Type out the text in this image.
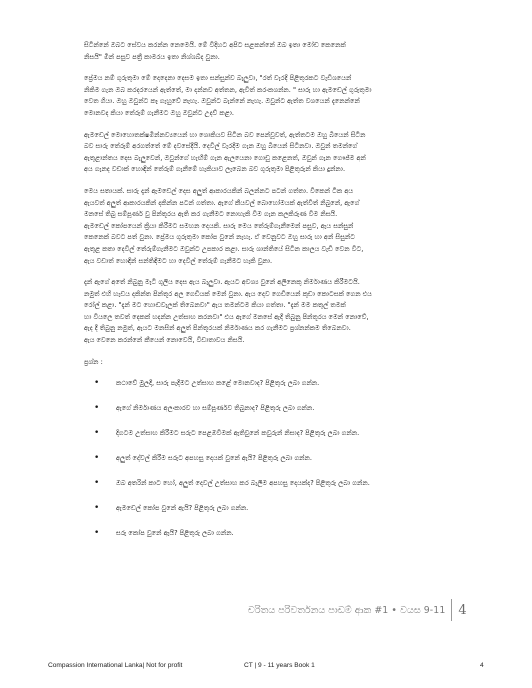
සිටින්නේ ඔබට සේවය කරන්න නෙමෙයි. මේ විදිහට අපිට සළකන්නේ ඔබ ඉතා මෝඩ කෙනෙක්
නිසයි" මින් පසුව පත්‍රී කාමරය ඉතා නිශ්ශබ්ද වුනා.
ප්‍රේමය නම් ගුරුතුමා මේ දෙදෙනා දෙසම ඉතා සන්සුන්ව බැලුවා, "රත් වැරදි පිළිතුරකට වැඩිශයෙන්
නිකිම ගැන ඔබ කරදරයෙන් ඇත්තේ, මා දන්නව අත්තන, ඇවිත් කරංකශන්න. " සාරු හා ඇමඩෙල් ගුරුතුමා
වෙත ගියා. ඔහු ඔවුන්ට කෑ ගැහුවේ නැහැ. ඔවුන්ට බැන්නේ නැහැ. ඔවුන්ට ඇත්ත වශයෙන් දැනෙන්නේ
මොනවද කියා තේරුම් ගැනීමට ඔහු ඔවුන්ට උදව් කළා.
ඇමඩෙල් මොහොතක්ෂමින්නව්‍යයෙන් හා ශොකියව සිටින බව පෙන්වූවත්, ඇත්තටම ඔහු බියෙන් සිටින
බව සාරු තේරුම් අරගත්තේ මේ දවසේදීයි. දෙවිල් වැරදීම ගැන ඔහු බියෙන් සිටිනවා. ඔවුන් තමන්ගේ
ඇතුළාන්තය දෙස බැලුවෙන්, ඔවුන්ගේ හැඟීම් ගැන ඇලයෙනා ගොඩු කළෙනත්, ඔවුන් ගැන ගෞජ්ම අන්
අය ගැනද වඩාක් හොඳින් තේරුම් ගැනීමේ හැකියාව ලැබෙන බව ගුරුතුමා පිළිතුරුන් කියා දුන්නා.
මෙය සතායක්. සාරු දැන් ඇමඩෙල් දෙස අලුත් ආකාරයකින් බලන්නට පටන් ගත්තා. විකෙන් ටික අය
ඇයවත් අලුත් ආකාරයකින් දකින්න පටන් ගත්තා. ඇගේ කීයවල් බොහෝමයක් ඇත්විත් නිබුනේ, ඇගේ
මනසේ තිබු සම්පූර්ණ වු පින්තූරය ඇති කර ගැනීමට නොහැකි වීම ගැන කලකිරුණ විම නිසයි.
ඇමඩෙල් කෝපයෙන් ක්‍රියා කිරීමට සමහන දෙයකි. සාරු මෙය තේරුම්ගැනීමෙන් පසුව, ඇය සන්සුන්
කෙනෙක් බවට පත් වුනා. ප්‍රේමය ගුරුතුමා කෝප වුනේ නැහැ. ඒ වෙනුවට ඔහු සාරු හා අන් සිසුන්ට
ඇතුළ කතා දෙවිල් තේරුම්ගැනීමට ඔවුන්ට උපකාර කළා. සාරු ශාන්තියේ සිටින කාලය වැඩි වෙන විට,
ඇය වඩාත් හොඳින් සන්තිඳීමට හා දෙවිල් තේරුම් ගැනීමට හැකි වුනා.
දැන් ඇගේ අතේ නිබුනු මැටි ගුලිය දෙස ඇය බැලුවා. ඇයට අවශ්‍ය වුනේ අලිනෙකු නිර්මාණය කිරීමටයි.
නමුත් එහි හැඩය දකින්ත පින්තූර අල ගෙඩියක් මෙන් වුනා. ඇය දෙව ගෙඩියෙන් කුඩා කොටසක් ගෙන එය
රෝල් කළා. "දැන් මට හොඬවැලක් තිබෙනවා" ඇය තමන්ටම කියා ගත්තා. "දැන් මම කතුල් තමක්
හා වියලෙ තවත් දෙකක් හදන්න උත්සාහ කරනවා" එය ඇගේ මනසේ ඇදී තිබුනු පින්තූරය මෙන් නොවේ,
ඇද දී තිබුනු නමුත්, ඇයට මනසින් අලුත් පින්තූරයක් නිර්මාණය කර ගැනීමට ප්‍රශ්නන්කම තිබෙනවා.
ඇය වෙනෙ කරන්නේ කීයෙන් නොවෙයි, විඩාතාවය නිසයි.
ප්‍රශ්න :
•	කථාවේ මුලදී, සාරු පැදීමට උත්සාහ කළේ මොනවාද? පිළිතුරු ලබා ගන්න.
•	ඇගේ නිර්මාණය අලංකාරව හා සම්පූර්ණව තිබුනාද? පිළිතුරු ලබා ගන්න.
•	දිගටම උත්සාහ කිරීමට සරුට පෙළඹවීමක් ඇතිවුනේ කවුරුන් නිසාද? පිළිතුරු ලබා ගන්න.
•	අලුත් දේවල් කිරීම සරුට අපහසු දෙයක් වුනේ ඇයි? පිළිතුරු ලබා ගන්න.
•	ඔබ අතරින් කාට හෝ, අලුත් දෙවල් උත්සාහ කර බැලීම අපහසු දෙයක්ද? පිළිතුරු ලබා ගන්න.
•	ඇමඩෙල් කෝප වුනේ ඇයි? පිළිතුරු ලබා ගන්න.
•	සරු කෝප වුනේ ඇයි? පිළිතුරු ලබා ගන්න.
චරිතය පරිවර්තනය පාඩම් ආක #1 • වයස 9-11 4
Compassion International Lanka| Not for profit	CT | 9 - 11 years Book 1	4
